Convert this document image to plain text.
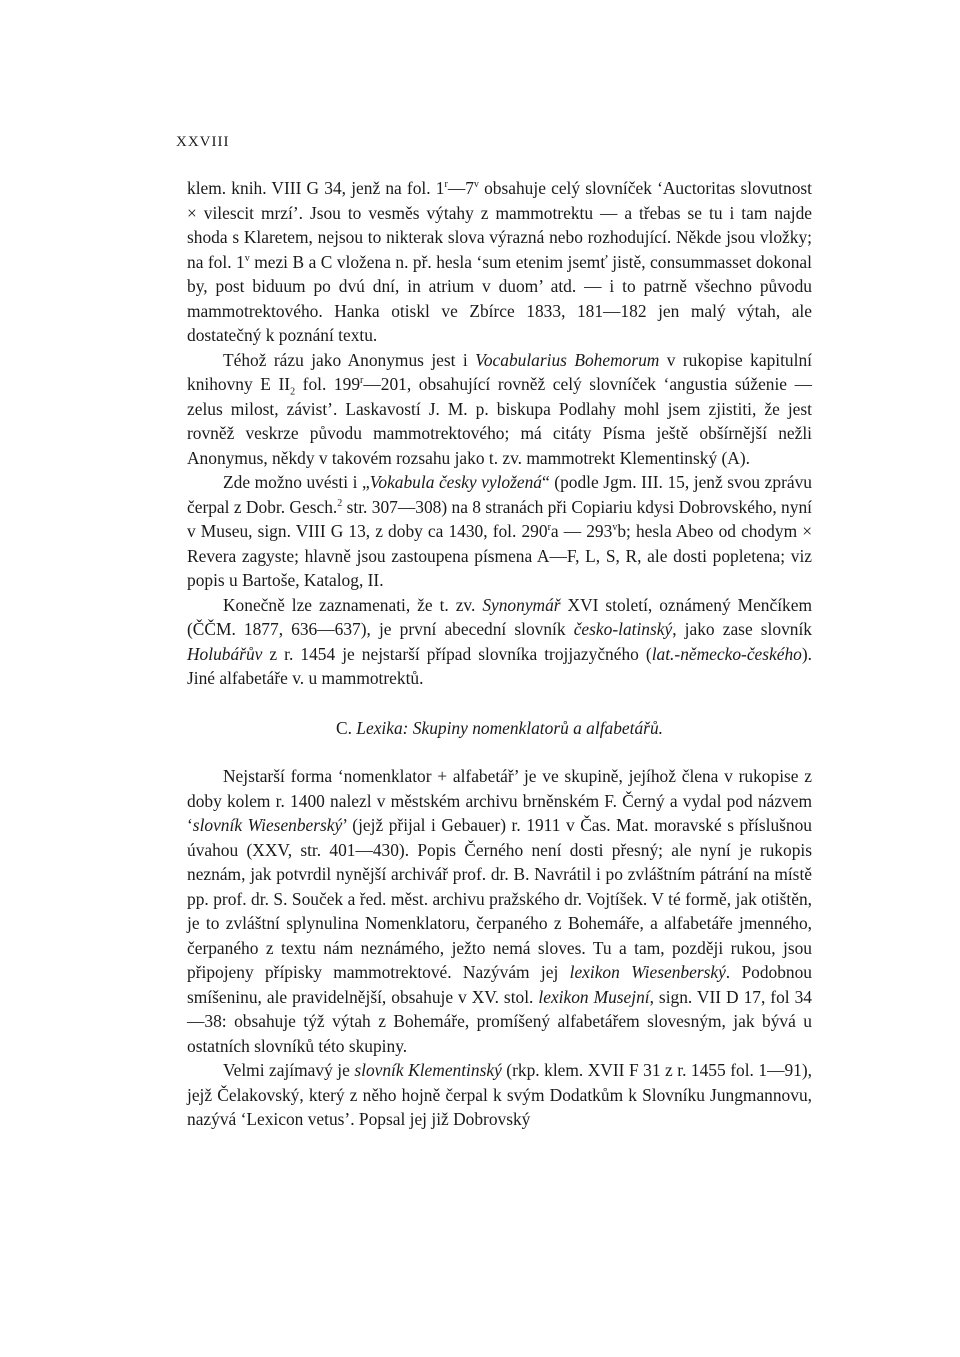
XXVIII

klem. knih. VIII G 34, jenž na fol. 1$^r$—7$^v$ obsahuje celý slovníček ‘Auctoritas slovutnost × vilescit mrzí’. Jsou to vesměs výtahy z mammotrektu — a třebas se tu i tam najde shoda s Klaretem, nejsou to nikterak slova výrazná nebo rozhodující. Někde jsou vložky; na fol. 1$^v$ mezi B a C vložena n. př. hesla ‘sum etenim jsemť jistě, consummasset dokonal by, post biduum po dvú dní, in atrium v duom’ atd. — i to patrně všechno původu mammotrektového. Hanka otiskl ve Zbírce 1833, 181—182 jen malý výtah, ale dostatečný k poznání textu.

Téhož rázu jako Anonymus jest i Vocabularius Bohemorum v rukopise kapitulní knihovny E $II_2$ fol. 199$^r$—201, obsahující rovněž celý slovníček ‘angustia súženie — zelus milost, závist’. Laskavostí J. M. p. biskupa Podlahy mohl jsem zjistiti, že jest rovněž veskrze původu mammotrektového; má citáty Písma ještě obšírnější nežli Anonymus, někdy v takovém rozsahu jako t. zv. mammotrekt Klementinský (A).

Zde možno uvésti i „Vokabula česky vyložená“ (podle Jgm. III. 15, jenž svou zprávu čerpal z Dobr. Gesch.$^2$ str. 307—308) na 8 stranách při Copiariu kdysi Dobrovského, nyní v Museu, sign. VIII G 13, z doby ca 1430, fol. 290$^r$a — 293$^v$b; hesla Abeo od chodym × Revera zagyste; hlavně jsou zastoupena písmena A—F, L, S, R, ale dosti popletena; viz popis u Bartoše, Katalog, II.

Konečně lze zaznamenati, že t. zv. Synonymář XVI století, oznámený Menčíkem (ČČM. 1877, 636—637), je první abecední slovník česko-latinský, jako zase slovník Holubářův z r. 1454 je nejstarší případ slovníka trojjazyčného (lat.-německo-českého). Jiné alfabetáře v. u mammotrektů.

C. Lexika: Skupiny nomenklatorů a alfabetářů.

Nejstarší forma ‘nomenklator + alfabetář’ je ve skupině, jejíhož člena v rukopise z doby kolem r. 1400 nalezl v městském archivu brněnském F. Černý a vydal pod názvem ‘slovník Wiesenberský’ (jejž přijal i Gebauer) r. 1911 v Čas. Mat. moravské s příslušnou úvahou (XXV, str. 401—430). Popis Černého není dosti přesný; ale nyní je rukopis neznám, jak potvrdil nynější archivář prof. dr. B. Navrátil i po zvláštním pátrání na místě pp. prof. dr. S. Souček a řed. měst. archivu pražského dr. Vojtíšek. V té formě, jak otištěn, je to zvláštní splynulina Nomenklatoru, čerpaného z Bohemáře, a alfabetáře jmenného, čerpaného z textu nám neznámého, ježto nemá sloves. Tu a tam, později rukou, jsou připojeny přípisky mammotrektové. Nazývám jej lexikon Wiesenberský. Podobnou smíšeninu, ale pravidelnější, obsahuje v XV. stol. lexikon Musejní, sign. VII D 17, fol 34—38: obsahuje týž výtah z Bohemáře, promíšený alfabetářem slovesným, jak bývá u ostatních slovníků této skupiny.

Velmi zajímavý je slovník Klementinský (rkp. klem. XVII F 31 z r. 1455 fol. 1—91), jejž Čelakovský, který z něho hojně čerpal k svým Dodatkům k Slovníku Jungmannovu, nazývá ‘Lexicon vetus’. Popsal jej již Dobrovský
